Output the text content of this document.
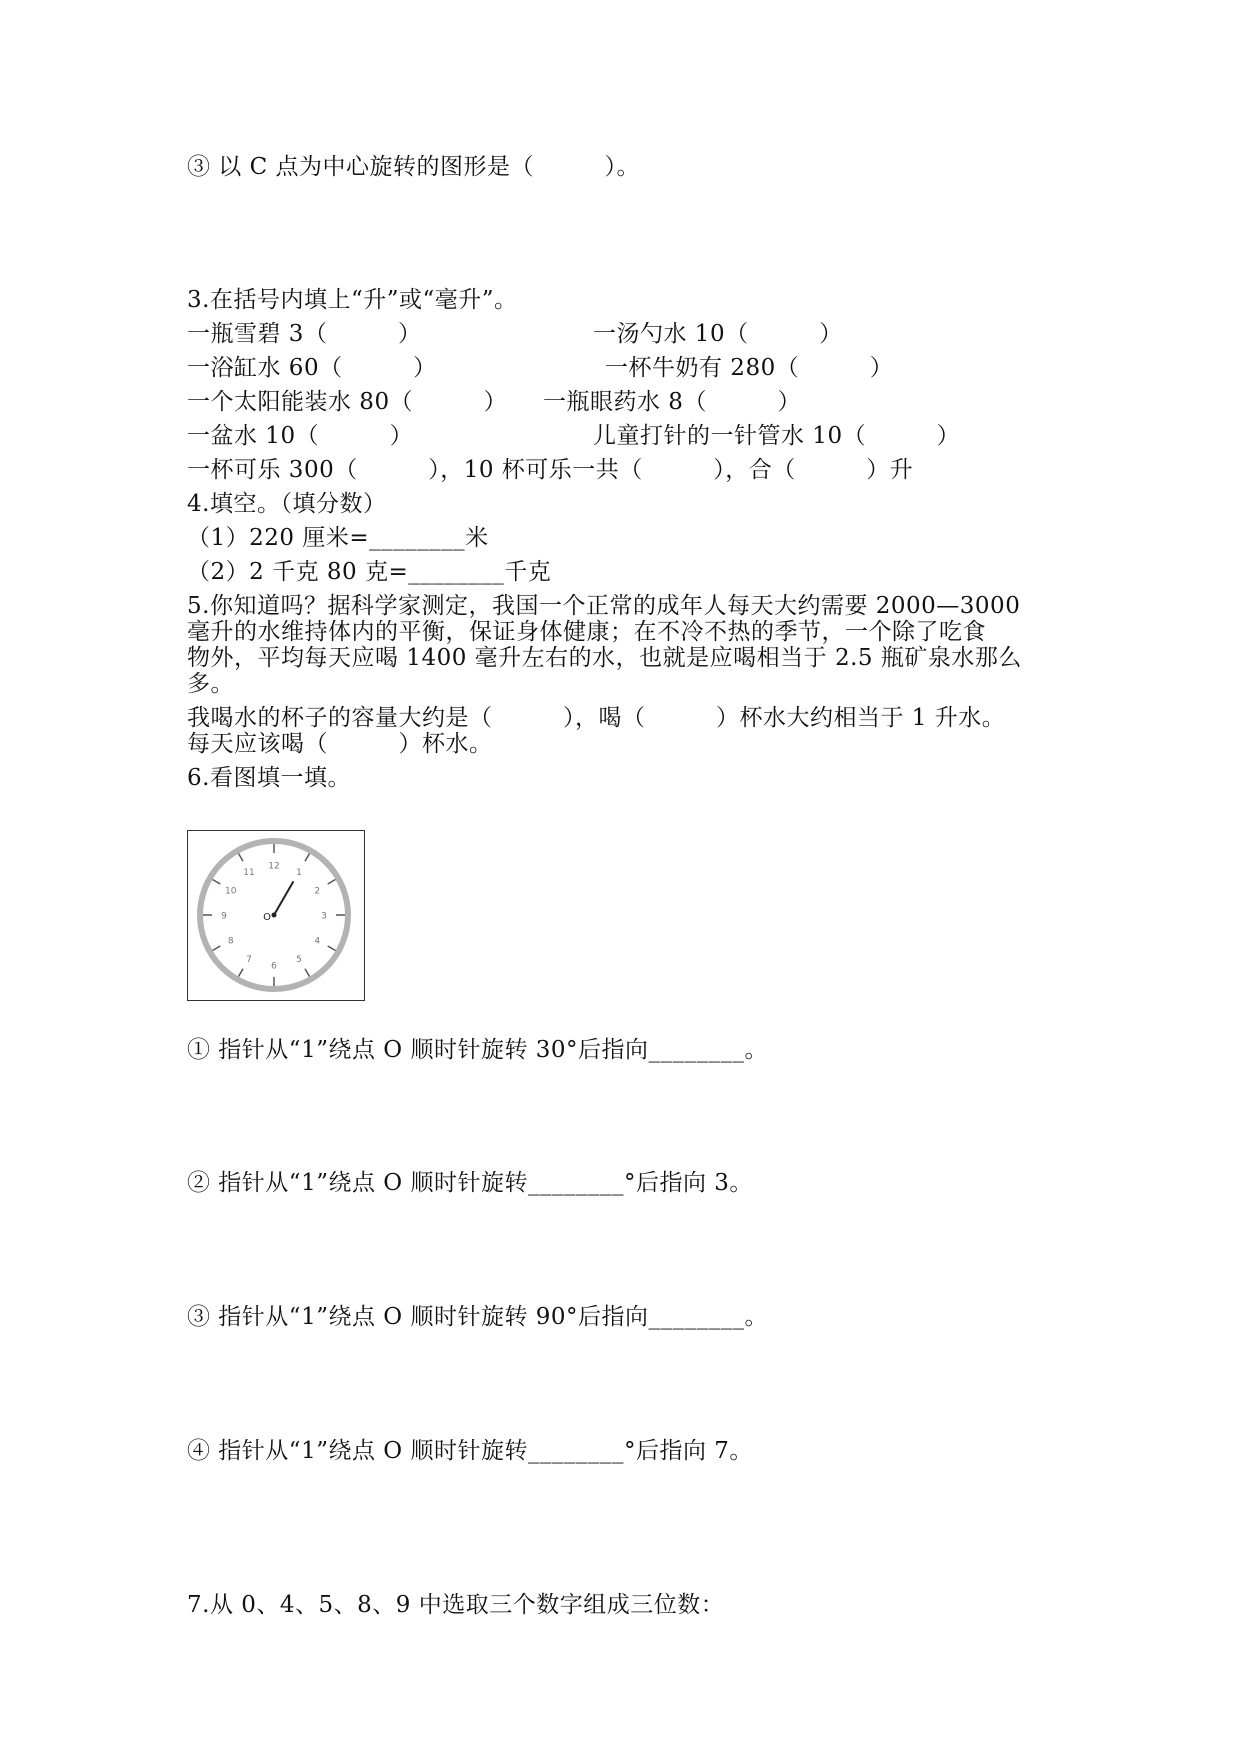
③ 以 C 点为中心旋转的图形是（　　　）。
3.在括号内填上“升”或“毫升”。
一瓶雪碧 3（　　　）	一汤勺水 10（　　　）
一浴缸水 60（　　　）	一杯牛奶有 280（　　　）
一个太阳能装水 80（　　　） 一瓶眼药水 8（　　　）
一盆水 10（　　　）	儿童打针的一针管水 10（　　　）
一杯可乐 300（　　　），10 杯可乐一共（　　　），合（　　　）升
4.填空。（填分数）
（1）220 厘米=________米
（2）2 千克 80 克=________千克
5.你知道吗？据科学家测定，我国一个正常的成年人每天大约需要 2000—3000
毫升的水维持体内的平衡，保证身体健康；在不冷不热的季节，一个除了吃食
物外，平均每天应喝 1400 毫升左右的水，也就是应喝相当于 2.5 瓶矿泉水那么
多。
我喝水的杯子的容量大约是（　　　），喝（　　　）杯水大约相当于 1 升水。
每天应该喝（　　　）杯水。
6.看图填一填。
12
1
2
3
4
5
6
7
8
9
10
11
O
① 指针从“1”绕点 O 顺时针旋转 30°后指向________。
② 指针从“1”绕点 O 顺时针旋转________°后指向 3。
③ 指针从“1”绕点 O 顺时针旋转 90°后指向________。
④ 指针从“1”绕点 O 顺时针旋转________°后指向 7。
7.从 0、4、5、8、9 中选取三个数字组成三位数：
